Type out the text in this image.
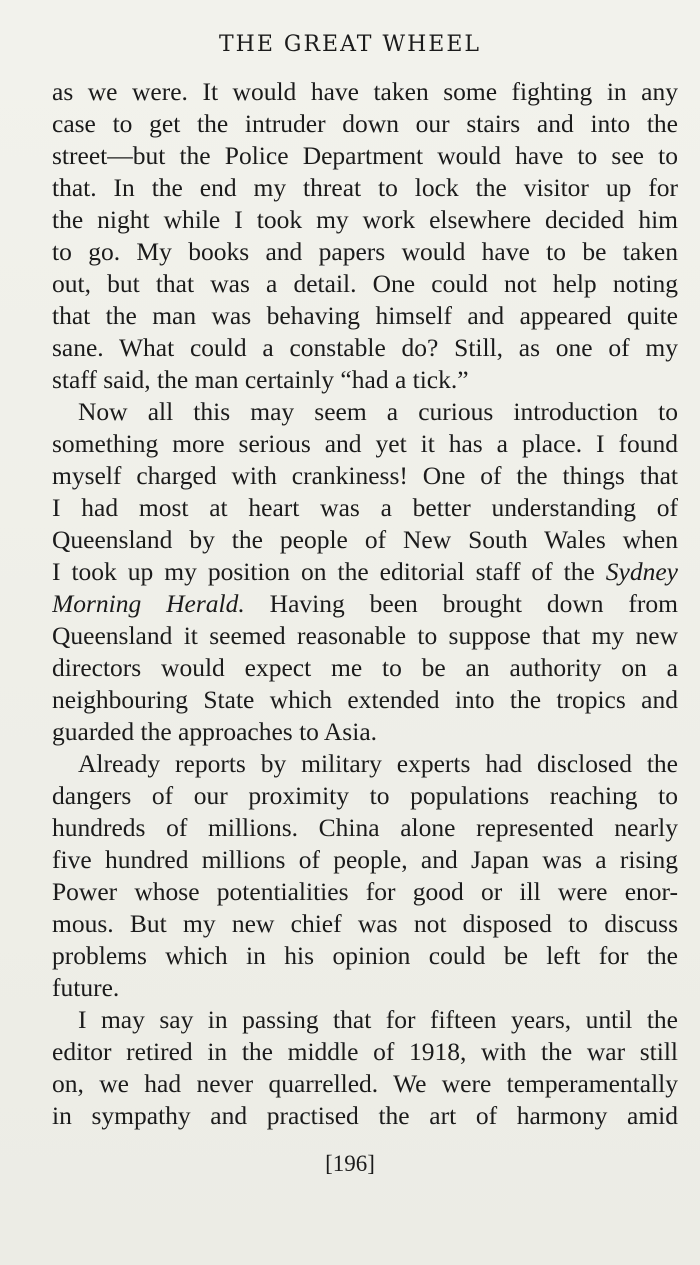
THE GREAT WHEEL
as we were. It would have taken some fighting in any
case to get the intruder down our stairs and into the
street—but the Police Department would have to see to
that. In the end my threat to lock the visitor up for
the night while I took my work elsewhere decided him
to go. My books and papers would have to be taken
out, but that was a detail. One could not help noting
that the man was behaving himself and appeared quite
sane. What could a constable do? Still, as one of my
staff said, the man certainly “had a tick.”
Now all this may seem a curious introduction to
something more serious and yet it has a place. I found
myself charged with crankiness! One of the things that
I had most at heart was a better understanding of
Queensland by the people of New South Wales when
I took up my position on the editorial staff of the Sydney
Morning Herald. Having been brought down from
Queensland it seemed reasonable to suppose that my new
directors would expect me to be an authority on a
neighbouring State which extended into the tropics and
guarded the approaches to Asia.
Already reports by military experts had disclosed the
dangers of our proximity to populations reaching to
hundreds of millions. China alone represented nearly
five hundred millions of people, and Japan was a rising
Power whose potentialities for good or ill were enor-
mous. But my new chief was not disposed to discuss
problems which in his opinion could be left for the
future.
I may say in passing that for fifteen years, until the
editor retired in the middle of 1918, with the war still
on, we had never quarrelled. We were temperamentally
in sympathy and practised the art of harmony amid
[196]
